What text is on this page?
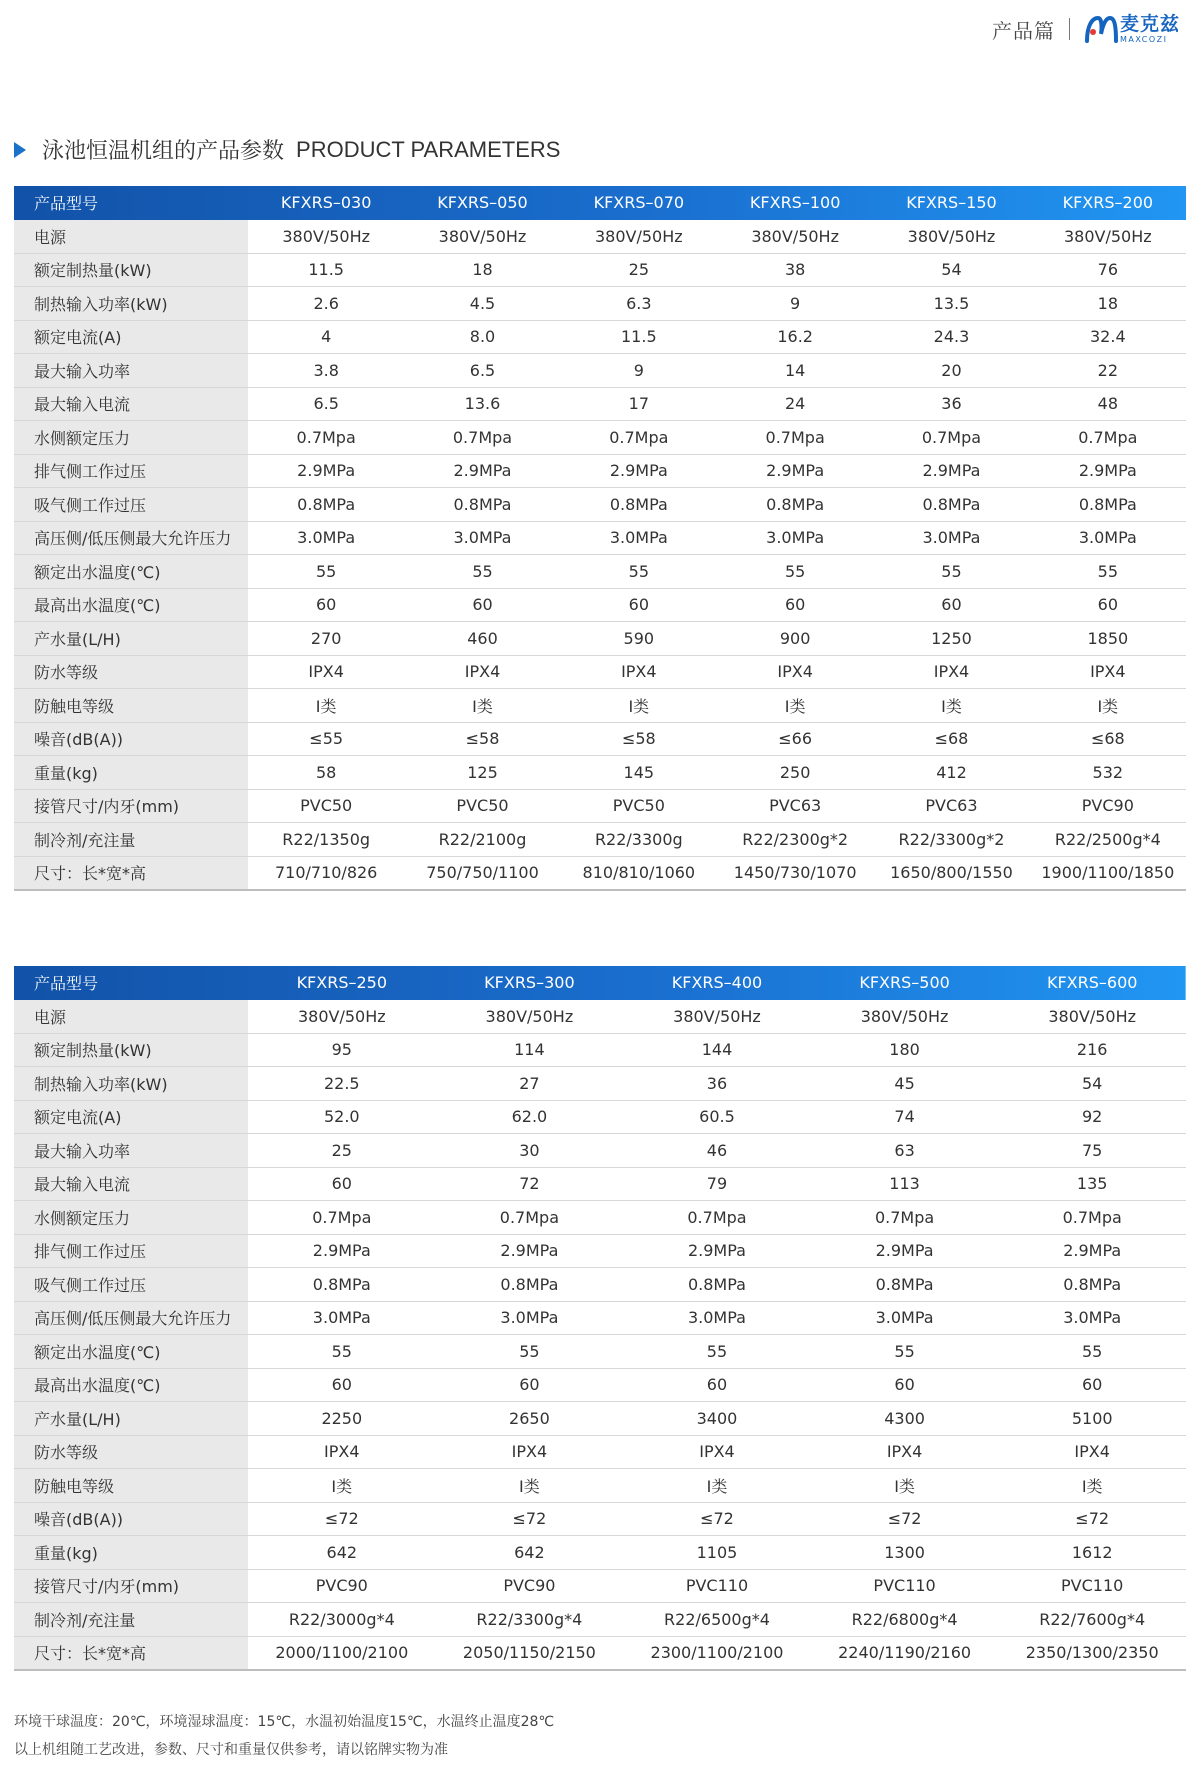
产品篇	麦克兹
MAXCOZI
泳池恒温机组的产品参数 PRODUCT PARAMETERS
产品型号	KFXRS–030	KFXRS–050	KFXRS–070	KFXRS–100	KFXRS–150	KFXRS–200
电源	380V/50Hz	380V/50Hz	380V/50Hz	380V/50Hz	380V/50Hz	380V/50Hz
额定制热量(kW)	11.5	18	25	38	54	76
制热输入功率(kW)	2.6	4.5	6.3	9	13.5	18
额定电流(A)	4	8.0	11.5	16.2	24.3	32.4
最大输入功率	3.8	6.5	9	14	20	22
最大输入电流	6.5	13.6	17	24	36	48
水侧额定压力	0.7Mpa	0.7Mpa	0.7Mpa	0.7Mpa	0.7Mpa	0.7Mpa
排气侧工作过压	2.9MPa	2.9MPa	2.9MPa	2.9MPa	2.9MPa	2.9MPa
吸气侧工作过压	0.8MPa	0.8MPa	0.8MPa	0.8MPa	0.8MPa	0.8MPa
高压侧/低压侧最大允许压力	3.0MPa	3.0MPa	3.0MPa	3.0MPa	3.0MPa	3.0MPa
额定出水温度(℃)	55	55	55	55	55	55
最高出水温度(℃)	60	60	60	60	60	60
产水量(L/H)	270	460	590	900	1250	1850
防水等级	IPX4	IPX4	IPX4	IPX4	IPX4	IPX4
防触电等级	I类	I类	I类	I类	I类	I类
噪音(dB(A))	≤55	≤58	≤58	≤66	≤68	≤68
重量(kg)	58	125	145	250	412	532
接管尺寸/内牙(mm)	PVC50	PVC50	PVC50	PVC63	PVC63	PVC90
制冷剂/充注量	R22/1350g	R22/2100g	R22/3300g	R22/2300g*2	R22/3300g*2	R22/2500g*4
尺寸：长*宽*高	710/710/826	750/750/1100	810/810/1060	1450/730/1070	1650/800/1550	1900/1100/1850
产品型号	KFXRS–250	KFXRS–300	KFXRS–400	KFXRS–500	KFXRS–600
电源	380V/50Hz	380V/50Hz	380V/50Hz	380V/50Hz	380V/50Hz
额定制热量(kW)	95	114	144	180	216
制热输入功率(kW)	22.5	27	36	45	54
额定电流(A)	52.0	62.0	60.5	74	92
最大输入功率	25	30	46	63	75
最大输入电流	60	72	79	113	135
水侧额定压力	0.7Mpa	0.7Mpa	0.7Mpa	0.7Mpa	0.7Mpa
排气侧工作过压	2.9MPa	2.9MPa	2.9MPa	2.9MPa	2.9MPa
吸气侧工作过压	0.8MPa	0.8MPa	0.8MPa	0.8MPa	0.8MPa
高压侧/低压侧最大允许压力	3.0MPa	3.0MPa	3.0MPa	3.0MPa	3.0MPa
额定出水温度(℃)	55	55	55	55	55
最高出水温度(℃)	60	60	60	60	60
产水量(L/H)	2250	2650	3400	4300	5100
防水等级	IPX4	IPX4	IPX4	IPX4	IPX4
防触电等级	I类	I类	I类	I类	I类
噪音(dB(A))	≤72	≤72	≤72	≤72	≤72
重量(kg)	642	642	1105	1300	1612
接管尺寸/内牙(mm)	PVC90	PVC90	PVC110	PVC110	PVC110
制冷剂/充注量	R22/3000g*4	R22/3300g*4	R22/6500g*4	R22/6800g*4	R22/7600g*4
尺寸：长*宽*高	2000/1100/2100	2050/1150/2150	2300/1100/2100	2240/1190/2160	2350/1300/2350
环境干球温度：20℃，环境湿球温度：15℃，水温初始温度15℃，水温终止温度28℃
以上机组随工艺改进，参数、尺寸和重量仅供参考，请以铭牌实物为准
